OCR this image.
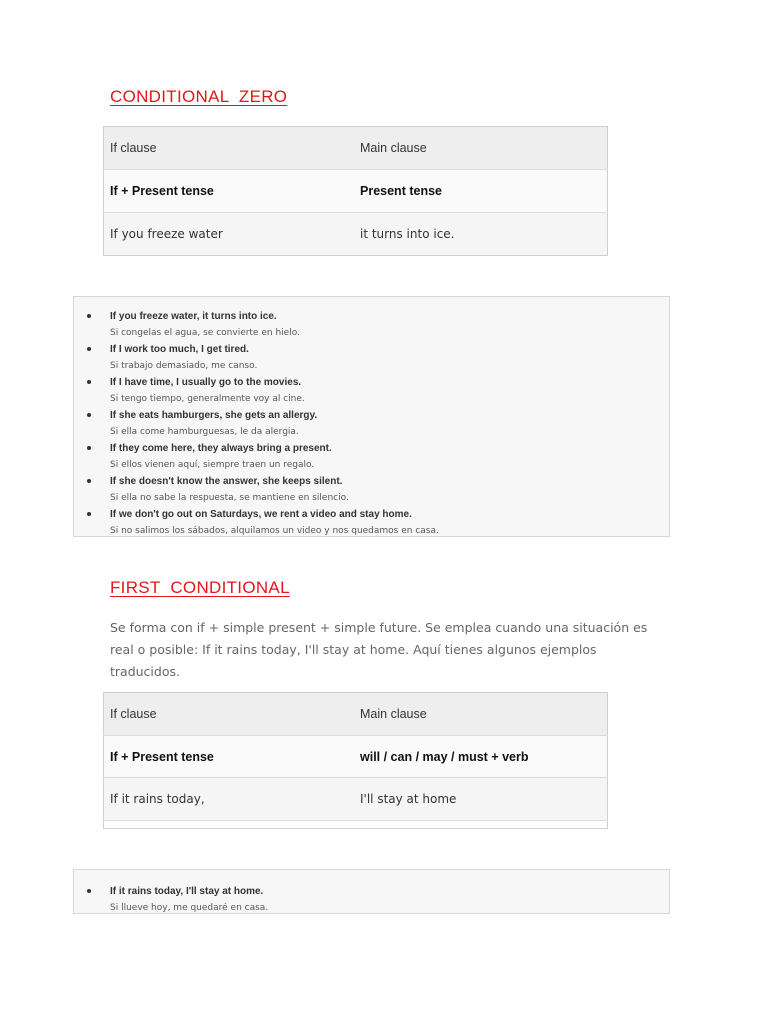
CONDITIONAL  ZERO
If clause	Main clause
If + Present tense	Present tense
If you freeze water	it turns into ice.
If you freeze water, it turns into ice.
Si congelas el agua, se convierte en hielo.
If I work too much, I get tired.
Si trabajo demasiado, me canso.
If I have time, I usually go to the movies.
Si tengo tiempo, generalmente voy al cine.
If she eats hamburgers, she gets an allergy.
Si ella come hamburguesas, le da alergia.
If they come here, they always bring a present.
Si ellos vienen aquí, siempre traen un regalo.
If she doesn't know the answer, she keeps silent.
Si ella no sabe la respuesta, se mantiene en silencio.
If we don't go out on Saturdays, we rent a video and stay home.
Si no salimos los sábados, alquilamos un video y nos quedamos en casa.
FIRST  CONDITIONAL

Se forma con if + simple present + simple future. Se emplea cuando una situación es real o posible: If it rains today, I'll stay at home. Aquí tienes algunos ejemplos traducidos.

If clause	Main clause
If + Present tense	will / can / may / must + verb
If it rains today,	I'll stay at home

If it rains today, I'll stay at home.
Si llueve hoy, me quedaré en casa.
